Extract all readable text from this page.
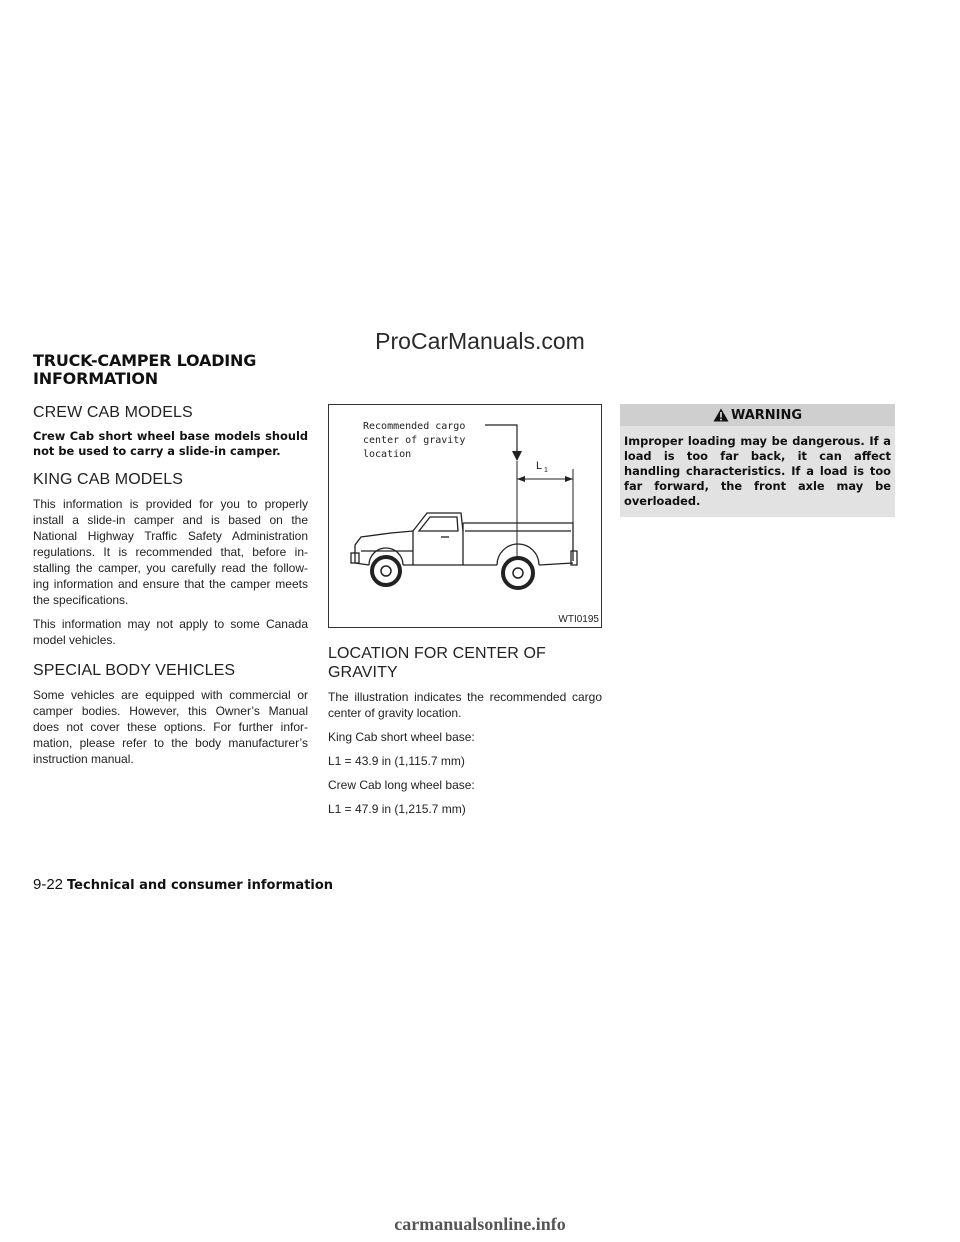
ProCarManuals.com
TRUCK-CAMPER LOADING
INFORMATION
CREW CAB MODELS

Crew Cab short wheel base models should not be used to carry a slide-in camper.

KING CAB MODELS

This information is provided for you to properly install a slide-in camper and is based on the National Highway Traffic Safety Administration regulations. It is recommended that, before in-stalling the camper, you carefully read the follow-ing information and ensure that the camper meets the specifications.

This information may not apply to some Canada model vehicles.

SPECIAL BODY VEHICLES

Some vehicles are equipped with commercial or camper bodies. However, this Owner’s Manual does not cover these options. For further infor-mation, please refer to the body manufacturer’s instruction manual.

Recommended cargo
center of gravity
location
L 1
WTI0195
LOCATION FOR CENTER OF
GRAVITY

The illustration indicates the recommended cargo center of gravity location.

King Cab short wheel base:

L1 = 43.9 in (1,115.7 mm)

Crew Cab long wheel base:

L1 = 47.9 in (1,215.7 mm)

WARNING
Improper loading may be dangerous. If a load is too far back, it can affect handling characteristics. If a load is too far forward, the front axle may be overloaded.
9-22 Technical and consumer information
carmanualsonline.info
